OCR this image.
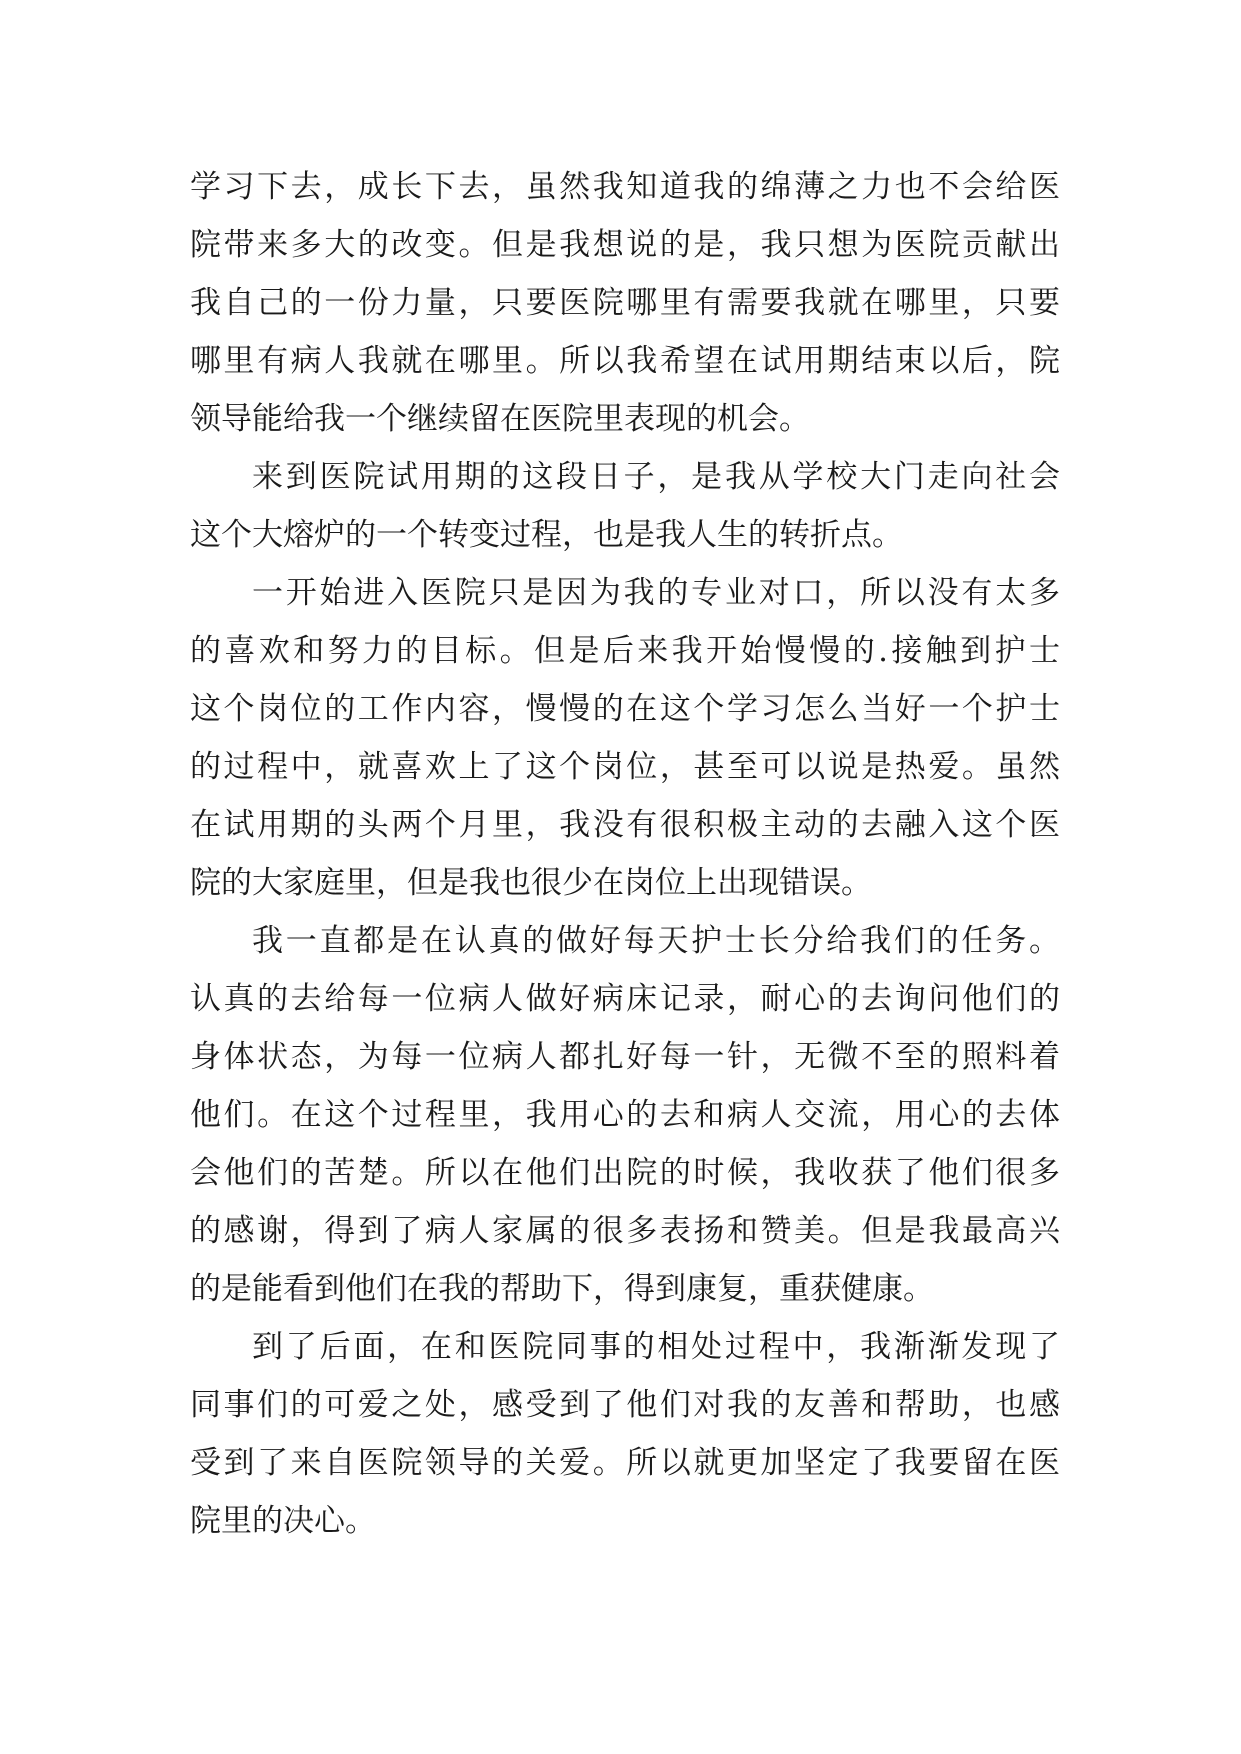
学习下去，成长下去，虽然我知道我的绵薄之力也不会给医
院带来多大的改变。但是我想说的是，我只想为医院贡献出
我自己的一份力量，只要医院哪里有需要我就在哪里，只要
哪里有病人我就在哪里。所以我希望在试用期结束以后，院
领导能给我一个继续留在医院里表现的机会。
来到医院试用期的这段日子，是我从学校大门走向社会
这个大熔炉的一个转变过程，也是我人生的转折点。
一开始进入医院只是因为我的专业对口，所以没有太多
的喜欢和努力的目标。但是后来我开始慢慢的.接触到护士
这个岗位的工作内容，慢慢的在这个学习怎么当好一个护士
的过程中，就喜欢上了这个岗位，甚至可以说是热爱。虽然
在试用期的头两个月里，我没有很积极主动的去融入这个医
院的大家庭里，但是我也很少在岗位上出现错误。
我一直都是在认真的做好每天护士长分给我们的任务。
认真的去给每一位病人做好病床记录，耐心的去询问他们的
身体状态，为每一位病人都扎好每一针，无微不至的照料着
他们。在这个过程里，我用心的去和病人交流，用心的去体
会他们的苦楚。所以在他们出院的时候，我收获了他们很多
的感谢，得到了病人家属的很多表扬和赞美。但是我最高兴
的是能看到他们在我的帮助下，得到康复，重获健康。
到了后面，在和医院同事的相处过程中，我渐渐发现了
同事们的可爱之处，感受到了他们对我的友善和帮助，也感
受到了来自医院领导的关爱。所以就更加坚定了我要留在医
院里的决心。
